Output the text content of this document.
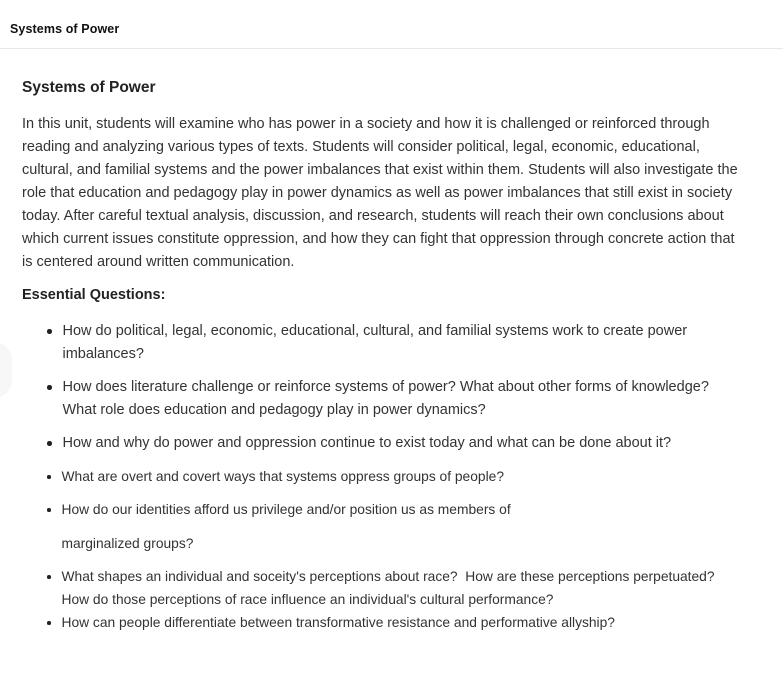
Systems of Power
Systems of Power

In this unit, students will examine who has power in a society and how it is challenged or reinforced through reading and analyzing various types of texts. Students will consider political, legal, economic, educational, cultural, and familial systems and the power imbalances that exist within them. Students will also investigate the role that education and pedagogy play in power dynamics as well as power imbalances that still exist in society today. After careful textual analysis, discussion, and research, students will reach their own conclusions about which current issues constitute oppression, and how they can fight that oppression through concrete action that is centered around written communication.

Essential Questions:
How do political, legal, economic, educational, cultural, and familial systems work to create power imbalances?
How does literature challenge or reinforce systems of power? What about other forms of knowledge? What role does education and pedagogy play in power dynamics?
How and why do power and oppression continue to exist today and what can be done about it?
What are overt and covert ways that systems oppress groups of people?
How do our identities afford us privilege and/or position us as members of
marginalized groups?
What shapes an individual and soceity's perceptions about race?  How are these perceptions perpetuated? How do those perceptions of race influence an individual's cultural performance?
How can people differentiate between transformative resistance and performative allyship?
